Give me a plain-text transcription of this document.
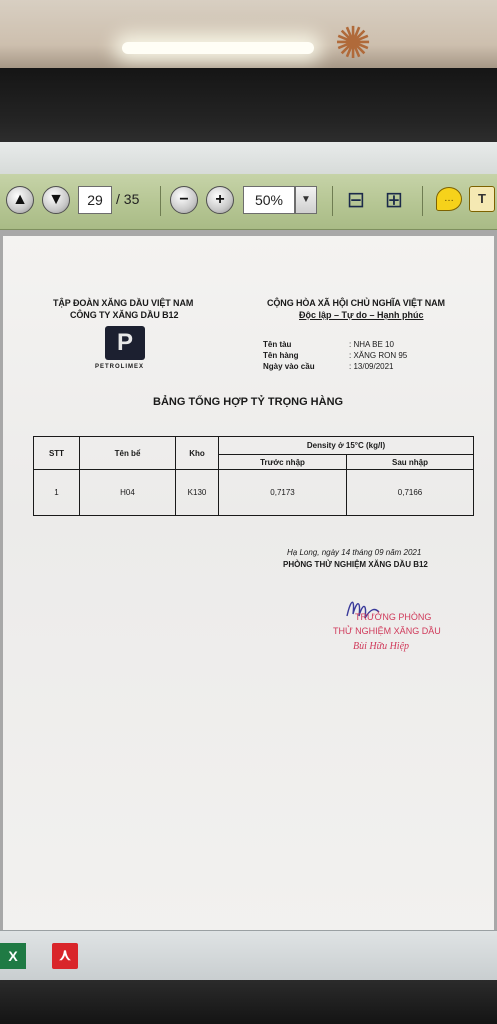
✺
▲	▼	29 / 35	−	+	50%	▼ ⊟ ⊞	…	T
TẬP ĐOÀN XĂNG DẦU VIỆT NAM
CÔNG TY XĂNG DẦU B12
CỘNG HÒA XÃ HỘI CHỦ NGHĨA VIỆT NAM
Độc lập – Tự do – Hạnh phúc
P
PETROLIMEX
Tên tàu	: NHA BE 10
Tên hàng	: XĂNG RON 95
Ngày vào cầu	: 13/09/2021
BẢNG TỔNG HỢP TỶ TRỌNG HÀNG
STT	Tên bể	Kho	Density ở 15°C (kg/l)	
			Trước nhập	Sau nhập
1	H04	K130	0,7173	0,7166
Hạ Long, ngày 14 tháng 09 năm 2021
PHÒNG THỬ NGHIỆM XĂNG DẦU B12
TRƯỞNG PHÒNG
THỬ NGHIỆM XĂNG DẦU
Bùi Hữu Hiệp
X	⋏
